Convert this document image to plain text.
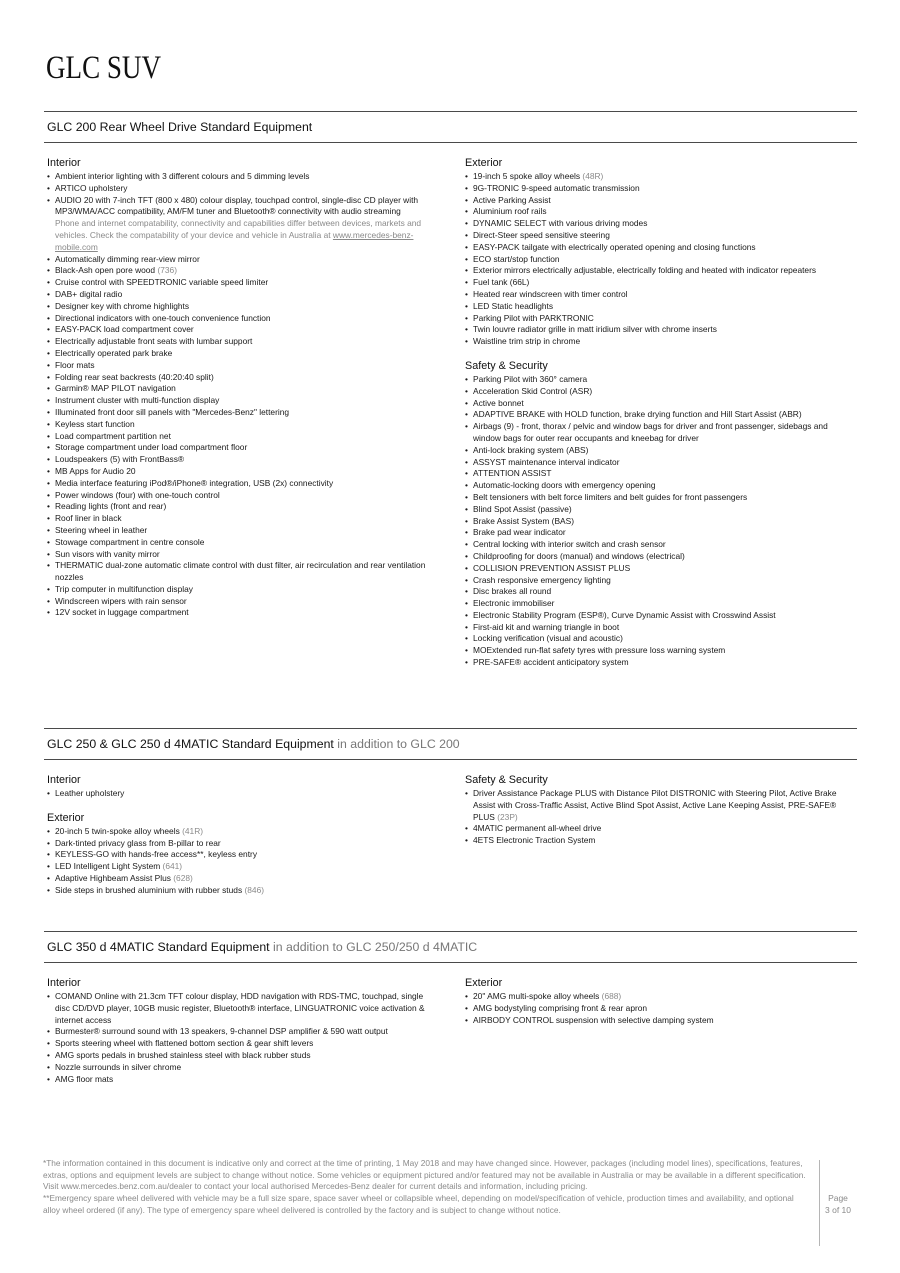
GLC SUV
GLC 200 Rear Wheel Drive Standard Equipment
Interior
• Ambient interior lighting with 3 different colours and 5 dimming levels
• ARTICO upholstery
• AUDIO 20 with 7-inch TFT (800 x 480) colour display, touchpad control, single-disc CD player with MP3/WMA/ACC compatibility, AM/FM tuner and Bluetooth® connectivity with audio streaming
Phone and internet compatability, connectivity and capabilities differ between devices, markets and vehicles. Check the compatability of your device and vehicle in Australia at www.mercedes-benz-mobile.com
• Automatically dimming rear-view mirror
• Black-Ash open pore wood (736)
• Cruise control with SPEEDTRONIC variable speed limiter
• DAB+ digital radio
• Designer key with chrome highlights
• Directional indicators with one-touch convenience function
• EASY-PACK load compartment cover
• Electrically adjustable front seats with lumbar support
• Electrically operated park brake
• Floor mats
• Folding rear seat backrests (40:20:40 split)
• Garmin® MAP PILOT navigation
• Instrument cluster with multi-function display
• Illuminated front door sill panels with "Mercedes-Benz" lettering
• Keyless start function
• Load compartment partition net
• Storage compartment under load compartment floor
• Loudspeakers (5) with FrontBass®
• MB Apps for Audio 20
• Media interface featuring iPod®/iPhone® integration, USB (2x) connectivity
• Power windows (four) with one-touch control
• Reading lights (front and rear)
• Roof liner in black
• Steering wheel in leather
• Stowage compartment in centre console
• Sun visors with vanity mirror
• THERMATIC dual-zone automatic climate control with dust filter, air recirculation and rear ventilation nozzles
• Trip computer in multifunction display
• Windscreen wipers with rain sensor
• 12V socket in luggage compartment
Exterior
• 19-inch 5 spoke alloy wheels (48R)
• 9G-TRONIC 9-speed automatic transmission
• Active Parking Assist
• Aluminium roof rails
• DYNAMIC SELECT with various driving modes
• Direct-Steer speed sensitive steering
• EASY-PACK tailgate with electrically operated opening and closing functions
• ECO start/stop function
• Exterior mirrors electrically adjustable, electrically folding and heated with indicator repeaters
• Fuel tank (66L)
• Heated rear windscreen with timer control
• LED Static headlights
• Parking Pilot with PARKTRONIC
• Twin louvre radiator grille in matt iridium silver with chrome inserts
• Waistline trim strip in chrome
Safety & Security
• Parking Pilot with 360° camera
• Acceleration Skid Control (ASR)
• Active bonnet
• ADAPTIVE BRAKE with HOLD function, brake drying function and Hill Start Assist (ABR)
• Airbags (9) - front, thorax / pelvic and window bags for driver and front passenger, sidebags and window bags for outer rear occupants and kneebag for driver
• Anti-lock braking system (ABS)
• ASSYST maintenance interval indicator
• ATTENTION ASSIST
• Automatic-locking doors with emergency opening
• Belt tensioners with belt force limiters and belt guides for front passengers
• Blind Spot Assist (passive)
• Brake Assist System (BAS)
• Brake pad wear indicator
• Central locking with interior switch and crash sensor
• Childproofing for doors (manual) and windows (electrical)
• COLLISION PREVENTION ASSIST PLUS
• Crash responsive emergency lighting
• Disc brakes all round
• Electronic immobiliser
• Electronic Stability Program (ESP®), Curve Dynamic Assist with Crosswind Assist
• First-aid kit and warning triangle in boot
• Locking verification (visual and acoustic)
• MOExtended run-flat safety tyres with pressure loss warning system
• PRE-SAFE® accident anticipatory system
GLC 250 & GLC 250 d 4MATIC Standard Equipment in addition to GLC 200
Interior
• Leather upholstery
Exterior
• 20-inch 5 twin-spoke alloy wheels (41R)
• Dark-tinted privacy glass from B-pillar to rear
• KEYLESS-GO with hands-free access**, keyless entry
• LED Intelligent Light System (641)
• Adaptive Highbeam Assist Plus (628)
• Side steps in brushed aluminium with rubber studs (846)
Safety & Security
• Driver Assistance Package PLUS with Distance Pilot DISTRONIC with Steering Pilot, Active Brake Assist with Cross-Traffic Assist, Active Blind Spot Assist, Active Lane Keeping Assist, PRE-SAFE® PLUS (23P)
• 4MATIC permanent all-wheel drive
• 4ETS Electronic Traction System
GLC 350 d 4MATIC Standard Equipment in addition to GLC 250/250 d 4MATIC
Interior
• COMAND Online with 21.3cm TFT colour display, HDD navigation with RDS-TMC, touchpad, single disc CD/DVD player, 10GB music register, Bluetooth® interface, LINGUATRONIC voice activation & internet access
• Burmester® surround sound with 13 speakers, 9-channel DSP amplifier & 590 watt output
• Sports steering wheel with flattened bottom section & gear shift levers
• AMG sports pedals in brushed stainless steel with black rubber studs
• Nozzle surrounds in silver chrome
• AMG floor mats
Exterior
• 20" AMG multi-spoke alloy wheels (688)
• AMG bodystyling comprising front & rear apron
• AIRBODY CONTROL suspension with selective damping system

*The information contained in this document is indicative only and correct at the time of printing, 1 May 2018 and may have changed since. However, packages (including model lines), specifications, features, extras, options and equipment levels are subject to change without notice. Some vehicles or equipment pictured and/or featured may not be available in Australia or may be available in a different specification. Visit www.mercedes.benz.com.au/dealer to contact your local authorised Mercedes-Benz dealer for current details and information, including pricing.

**Emergency spare wheel delivered with vehicle may be a full size spare, space saver wheel or collapsible wheel, depending on model/specification of vehicle, production times and availability, and optional alloy wheel ordered (if any). The type of emergency spare wheel delivered is controlled by the factory and is subject to change without notice.

Page
3 of 10
